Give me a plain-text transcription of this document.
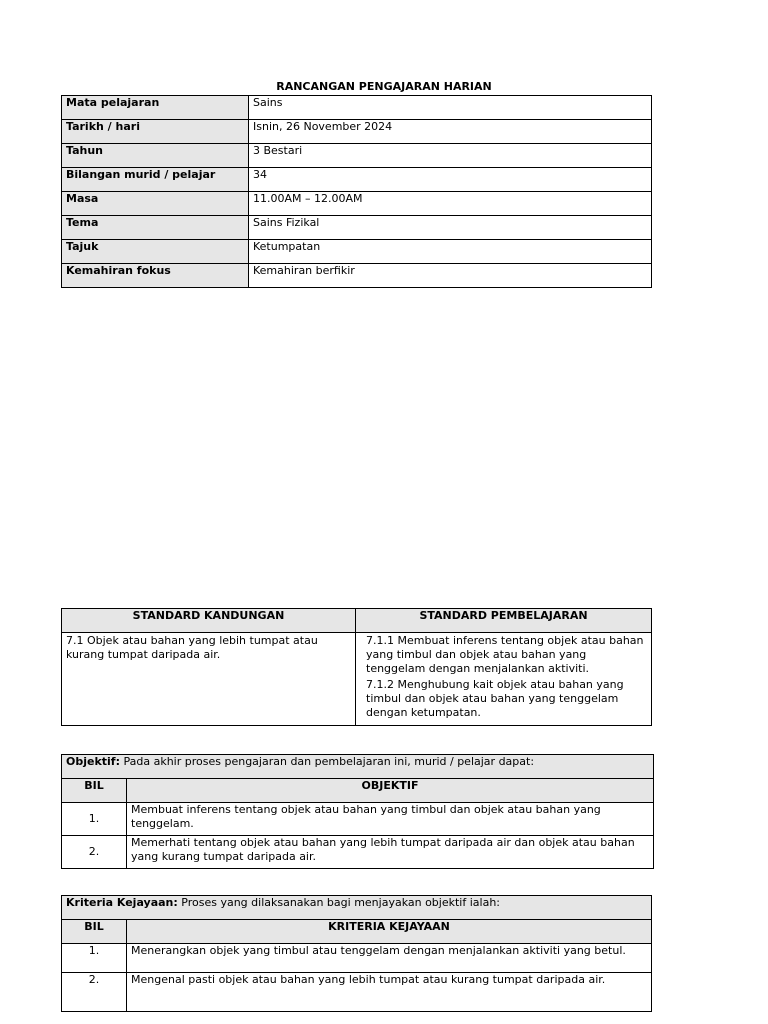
RANCANGAN PENGAJARAN HARIAN
Mata pelajaran	Sains
Tarikh / hari	Isnin, 26 November 2024
Tahun	3 Bestari
Bilangan murid / pelajar	34
Masa	11.00AM – 12.00AM
Tema	Sains Fizikal
Tajuk	Ketumpatan
Kemahiran fokus	Kemahiran berfikir
STANDARD KANDUNGAN	STANDARD PEMBELAJARAN
7.1 Objek atau bahan yang lebih tumpat atau kurang tumpat daripada air.	7.1.1 Membuat inferens tentang objek atau bahan yang timbul dan objek atau bahan yang tenggelam dengan menjalankan aktiviti.

7.1.2 Menghubung kait objek atau bahan yang timbul dan objek atau bahan yang tenggelam dengan ketumpatan.

Objektif: Pada akhir proses pengajaran dan pembelajaran ini, murid / pelajar dapat:	
BIL	OBJEKTIF
1.	Membuat inferens tentang objek atau bahan yang timbul dan objek atau bahan yang tenggelam.
2.	Memerhati tentang objek atau bahan yang lebih tumpat daripada air dan objek atau bahan yang kurang tumpat daripada air.
Kriteria Kejayaan: Proses yang dilaksanakan bagi menjayakan objektif ialah:	
BIL	KRITERIA KEJAYAAN
1.	Menerangkan objek yang timbul atau tenggelam dengan menjalankan aktiviti yang betul.
2.	Mengenal pasti objek atau bahan yang lebih tumpat atau kurang tumpat daripada air.
